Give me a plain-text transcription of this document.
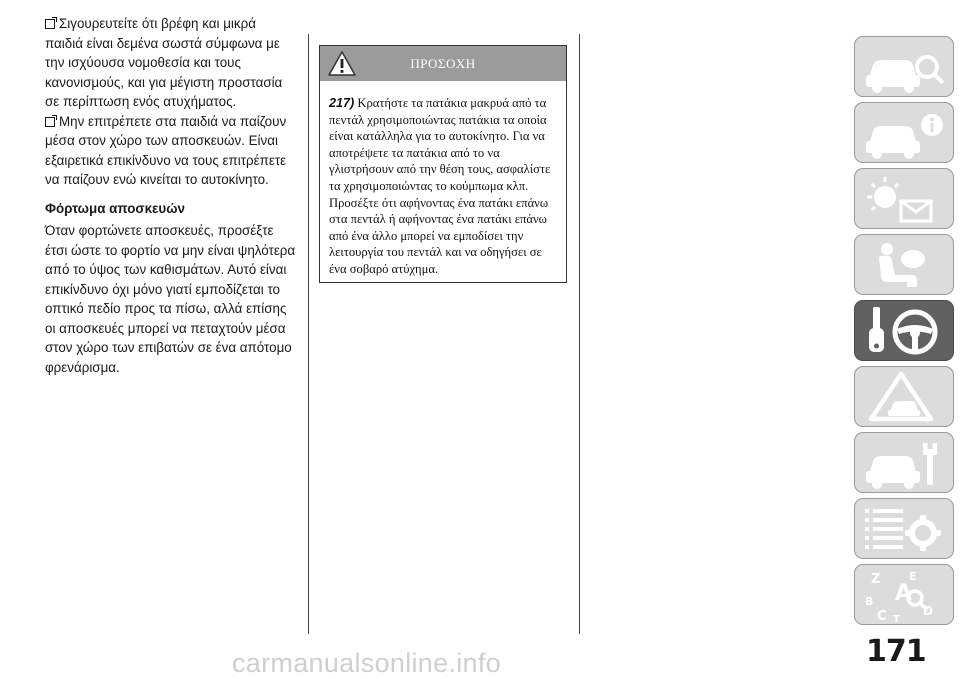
Σιγουρευτείτε ότι βρέφη και μικρά παιδιά είναι δεμένα σωστά σύμφωνα με την ισχύουσα νομοθεσία και τους κανονισμούς, και για μέγιστη προστασία σε περίπτωση ενός ατυχήματος.

Μην επιτρέπετε στα παιδιά να παίζουν μέσα στον χώρο των αποσκευών. Είναι εξαιρετικά επικίνδυνο να τους επιτρέπετε να παίζουν ενώ κινείται το αυτοκίνητο.

Φόρτωμα αποσκευών

Όταν φορτώνετε αποσκευές, προσέξτε έτσι ώστε το φορτίο να μην είναι ψηλότερα από το ύψος των καθισμάτων. Αυτό είναι επικίνδυνο όχι μόνο γιατί εμποδίζεται το οπτικό πεδίο προς τα πίσω, αλλά επίσης οι αποσκευές μπορεί να πεταχτούν μέσα στον χώρο των επιβατών σε ένα απότομο φρενάρισμα.

ΠΡΟΣΟΧΗ
217) Κρατήστε τα πατάκια μακρυά από τα πεντάλ χρησιμοποιώντας πατάκια τα οποία είναι κατάλληλα για το αυτοκίνητο. Για να αποτρέψετε τα πατάκια από το να γλιστρήσουν από την θέση τους, ασφαλίστε τα χρησιμοποιώντας το κούμπωμα κλπ. Προσέξτε ότι αφήνοντας ένα πατάκι επάνω στα πεντάλ ή αφήνοντας ένα πατάκι επάνω από ένα άλλο μπορεί να εμποδίσει την λειτουργία του πεντάλ και να οδηγήσει σε ένα σοβαρό ατύχημα.
Z	E
B A
C T
D
171
carmanualsonline.info
